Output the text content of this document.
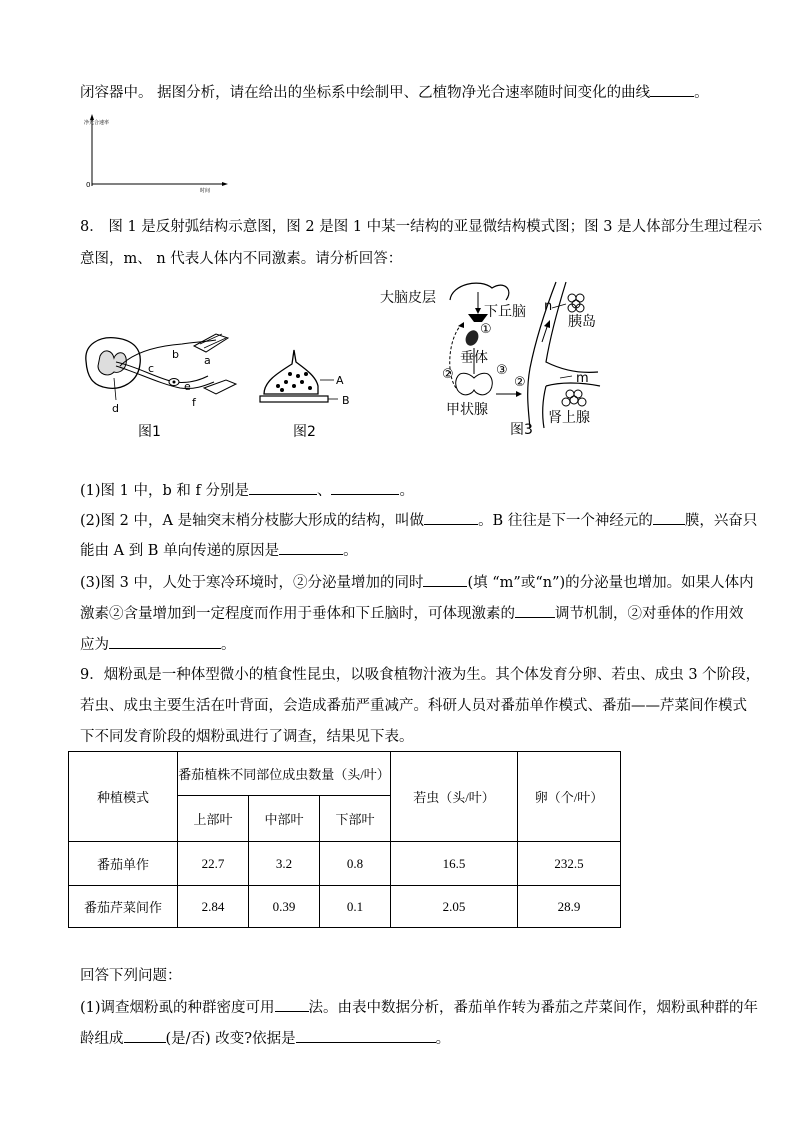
闭容器中。 据图分析，请在给出的坐标系中绘制甲、乙植物净光合速率随时间变化的曲线	。
净光合速率
0
时间
8． 图 1 是反射弧结构示意图，图 2 是图 1 中某一结构的亚显微结构模式图；图 3 是人体部分生理过程示
意图，m、 n 代表人体内不同激素。请分析回答：
a
b
c
d
e
f
图1
A
B
图2
大脑皮层
下丘脑
①
垂体
②	③
甲状腺
②
n
胰岛
m
肾上腺
图3
(1)图 1 中，b 和 f 分别是	、	。
(2)图 2 中，A 是轴突末梢分枝膨大形成的结构，叫做	。B 往往是下一个神经元的 膜，兴奋只
能由 A 到 B 单向传递的原因是	。
(3)图 3 中，人处于寒冷环境时，②分泌量增加的同时	(填 “m”或“n”)的分泌量也增加。如果人体内
激素②含量增加到一定程度而作用于垂体和下丘脑时，可体现激素的	调节机制，②对垂体的作用效
应为	。
9．烟粉虱是一种体型微小的植食性昆虫，以吸食植物汁液为生。其个体发育分卵、若虫、成虫 3 个阶段，
若虫、成虫主要生活在叶背面，会造成番茄严重减产。科研人员对番茄单作模式、番茄——芹菜间作模式
下不同发育阶段的烟粉虱进行了调查，结果见下表。
种植模式	番茄植株不同部位成虫数量（头/叶）			若虫（头/叶）	卵（个/叶）
	上部叶	中部叶	下部叶		
番茄单作	22.7	3.2	0.8	16.5	232.5
番茄芹菜间作	2.84	0.39	0.1	2.05	28.9
回答下列问题：
(1)调查烟粉虱的种群密度可用 法。由表中数据分析，番茄单作转为番茄之芹菜间作，烟粉虱种群的年
龄组成	(是/否) 改变?依据是	。
